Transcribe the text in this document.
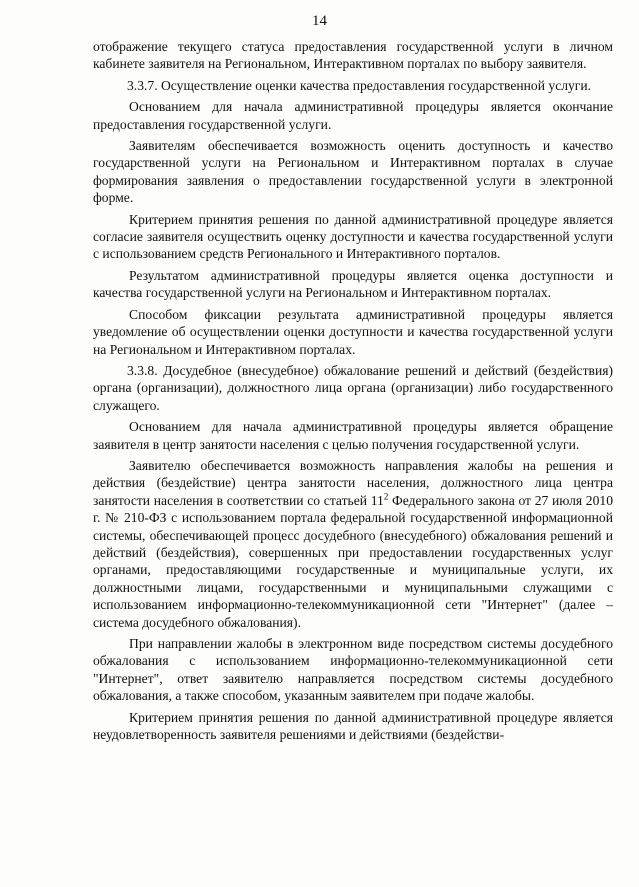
14

отображение текущего статуса предоставления государственной услуги в личном кабинете заявителя на Региональном, Интерактивном порталах по выбору заявителя.

3.3.7. Осуществление оценки качества предоставления государственной услуги.

Основанием для начала административной процедуры является окончание предоставления государственной услуги.

Заявителям обеспечивается возможность оценить доступность и качество государственной услуги на Региональном и Интерактивном порталах в случае формирования заявления о предоставлении государственной услуги в электронной форме.

Критерием принятия решения по данной административной процедуре является согласие заявителя осуществить оценку доступности и качества государственной услуги с использованием средств Регионального и Интерактивного порталов.

Результатом административной процедуры является оценка доступности и качества государственной услуги на Региональном и Интерактивном порталах.

Способом фиксации результата административной процедуры является уведомление об осуществлении оценки доступности и качества государственной услуги на Региональном и Интерактивном порталах.

3.3.8. Досудебное (внесудебное) обжалование решений и действий (бездействия) органа (организации), должностного лица органа (организации) либо государственного служащего.

Основанием для начала административной процедуры является обращение заявителя в центр занятости населения с целью получения государственной услуги.

Заявителю обеспечивается возможность направления жалобы на решения и действия (бездействие) центра занятости населения, должностного лица центра занятости населения в соответствии со статьей $11^2$ Федерального закона от 27 июля 2010 г. № 210-ФЗ с использованием портала федеральной государственной информационной системы, обеспечивающей процесс досудебного (внесудебного) обжалования решений и действий (бездействия), совершенных при предоставлении государственных услуг органами, предоставляющими государственные и муниципальные услуги, их должностными лицами, государственными и муниципальными служащими с использованием информационно-телекоммуникационной сети "Интернет" (далее – система досудебного обжалования).

При направлении жалобы в электронном виде посредством системы досудебного обжалования с использованием информационно-телекоммуникационной сети "Интернет", ответ заявителю направляется посредством системы досудебного обжалования, а также способом, указанным заявителем при подаче жалобы.

Критерием принятия решения по данной административной процедуре является неудовлетворенность заявителя решениями и действиями (бездействи-
